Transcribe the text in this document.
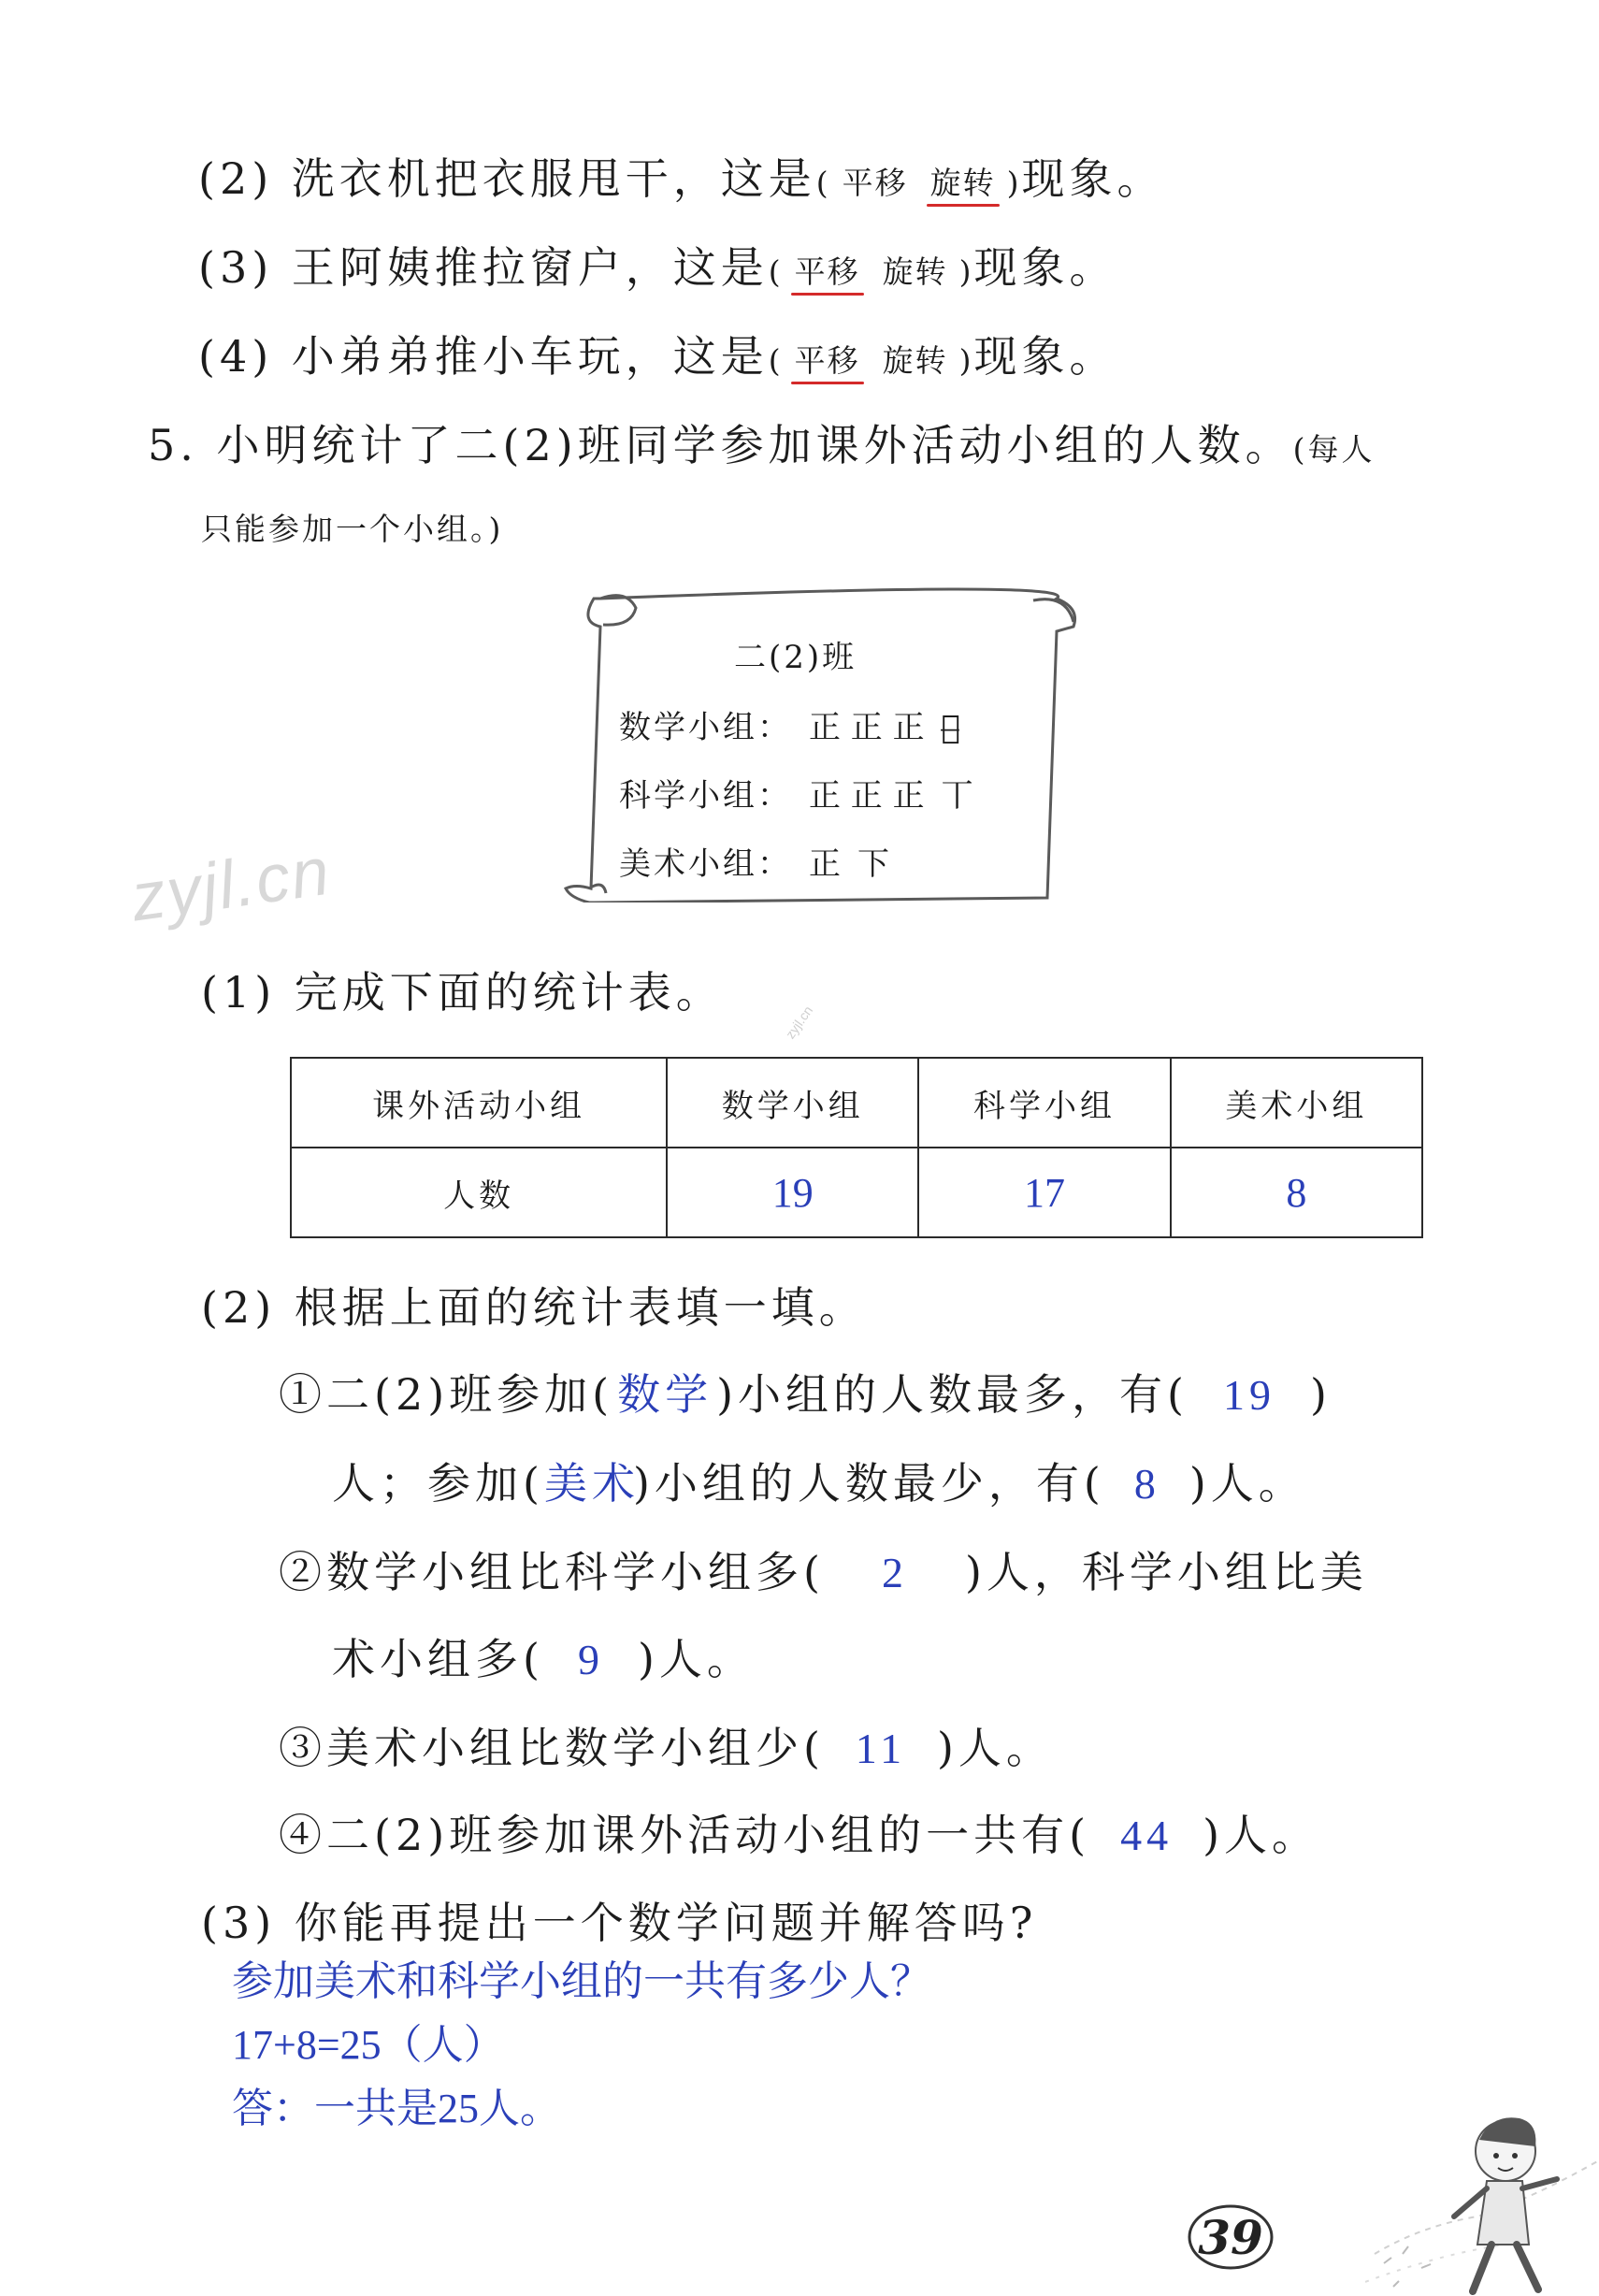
(2) 洗衣机把衣服甩干，这是( 平移 旋转 )现象。
(3) 王阿姨推拉窗户，这是( 平移 旋转 )现象。
(4) 小弟弟推小车玩，这是( 平移 旋转 )现象。
5. 小明统计了二(2)班同学参加课外活动小组的人数。(每人
只能参加一个小组。)
二(2)班
数学小组： 正 正 正正̶
科学小组： 正 正 正丅
美术小组： 正下
zyjl.cn
zyjl.cn
(1) 完成下面的统计表。
课外活动小组	数学小组	科学小组	美术小组
人数	19	17	8
(2) 根据上面的统计表填一填。
①二(2)班参加(数学)小组的人数最多，有( 19 )
人；参加(美术)小组的人数最少，有( 8 )人。
②数学小组比科学小组多( 2 )人，科学小组比美
术小组多( 9 )人。
③美术小组比数学小组少( 11 )人。
④二(2)班参加课外活动小组的一共有( 44 )人。
(3) 你能再提出一个数学问题并解答吗?
参加美术和科学小组的一共有多少人？
17+8=25（人）
答：一共是25人。
39
